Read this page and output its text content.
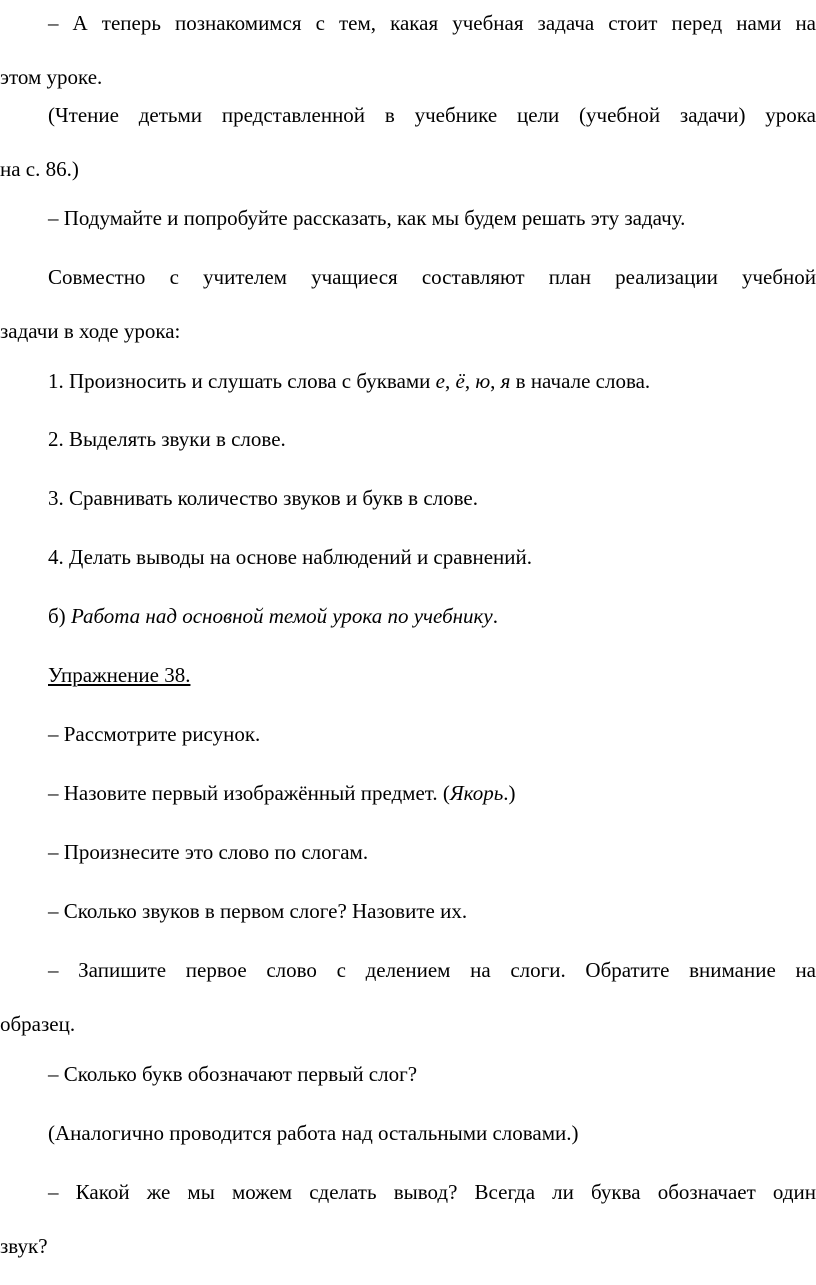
– А теперь познакомимся с тем, какая учебная задача стоит перед нами на
этом уроке.

(Чтение детьми представленной в учебнике цели (учебной задачи) урока
на с. 86.)

– Подумайте и попробуйте рассказать, как мы будем решать эту задачу.

Совместно с учителем учащиеся составляют план реализации учебной
задачи в ходе урока:

1. Произносить и слушать слова с буквами е, ё, ю, я в начале слова.

2. Выделять звуки в слове.

3. Сравнивать количество звуков и букв в слове.

4. Делать выводы на основе наблюдений и сравнений.

б) Работа над основной темой урока по учебнику.

Упражнение 38.

– Рассмотрите рисунок.

– Назовите первый изображённый предмет. (Якорь.)

– Произнесите это слово по слогам.

– Сколько звуков в первом слоге? Назовите их.

– Запишите первое слово с делением на слоги. Обратите внимание на
образец.

– Сколько букв обозначают первый слог?

(Аналогично проводится работа над остальными словами.)

– Какой же мы можем сделать вывод? Всегда ли буква обозначает один
звук?
